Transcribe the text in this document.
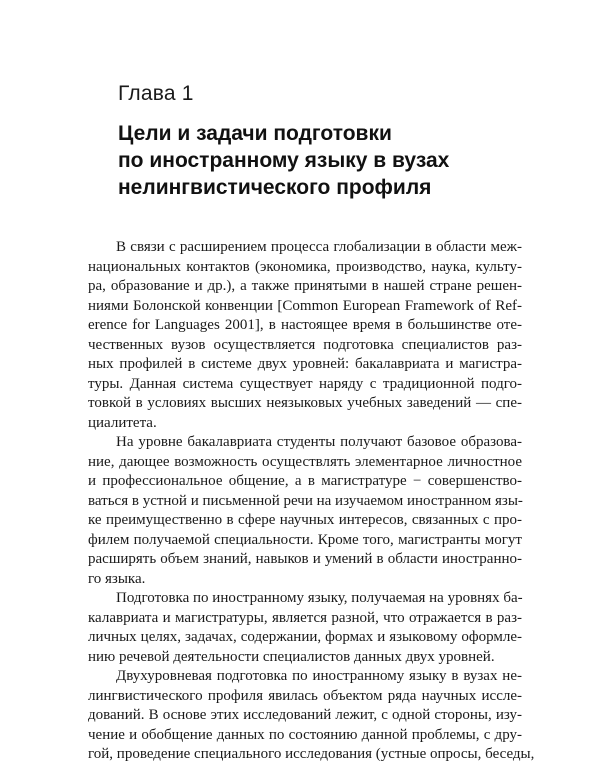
Глава 1
Цели и задачи подготовки
по иностранному языку в вузах
нелингвистического профиля
В связи с расширением процесса глобализации в области меж-
национальных контактов (экономика, производство, наука, культу-
ра, образование и др.), а также принятыми в нашей стране решен-
ниями Болонской конвенции [Common European Framework of Ref-
erence for Languages 2001], в настоящее время в большинстве оте-
чественных вузов осуществляется подготовка специалистов раз-
ных профилей в системе двух уровней: бакалавриата и магистра-
туры. Данная система существует наряду с традиционной подго-
товкой в условиях высших неязыковых учебных заведений — спе-
циалитета.
На уровне бакалавриата студенты получают базовое образова-
ние, дающее возможность осуществлять элементарное личностное
и профессиональное общение, а в магистратуре − совершенство-
ваться в устной и письменной речи на изучаемом иностранном язы-
ке преимущественно в сфере научных интересов, связанных с про-
филем получаемой специальности. Кроме того, магистранты могут
расширять объем знаний, навыков и умений в области иностранно-
го языка.
Подготовка по иностранному языку, получаемая на уровнях ба-
калавриата и магистратуры, является разной, что отражается в раз-
личных целях, задачах, содержании, формах и языковому оформле-
нию речевой деятельности специалистов данных двух уровней.
Двухуровневая подготовка по иностранному языку в вузах не-
лингвистического профиля явилась объектом ряда научных иссле-
дований. В основе этих исследований лежит, с одной стороны, изу-
чение и обобщение данных по состоянию данной проблемы, с дру-
гой, проведение специального исследования (устные опросы, беседы,
